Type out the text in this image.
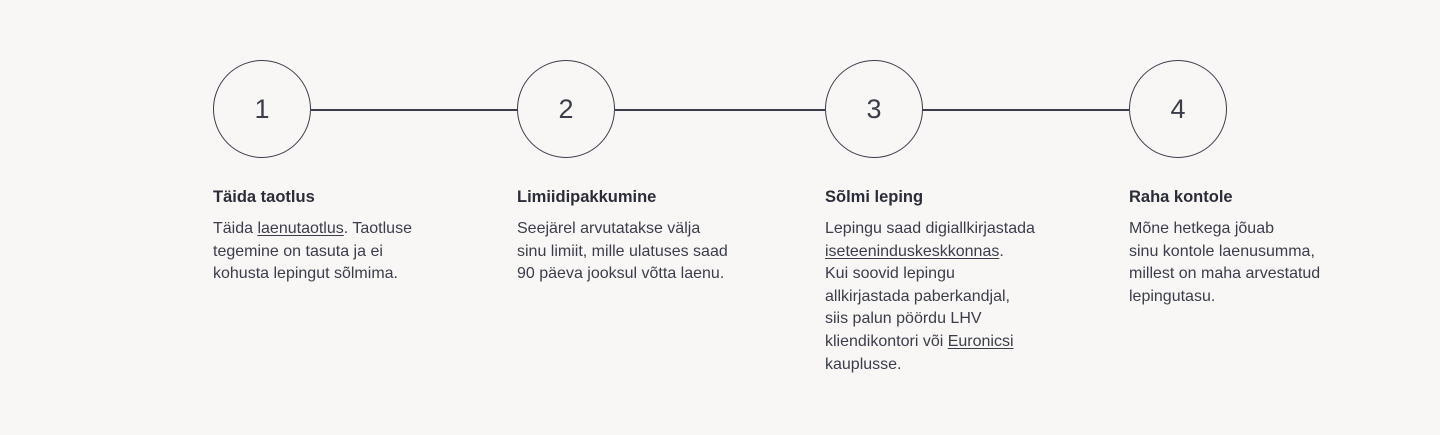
1	2	3	4
Täida taotlus

Täida laenutaotlus. Taotluse
tegemine on tasuta ja ei
kohusta lepingut sõlmima.

Limiidipakkumine

Seejärel arvutatakse välja
sinu limiit, mille ulatuses saad
90 päeva jooksul võtta laenu.

Sõlmi leping

Lepingu saad digiallkirjastada
iseteeninduskeskkonnas.
Kui soovid lepingu
allkirjastada paberkandjal,
siis palun pöördu LHV
kliendikontori või Euronicsi
kauplusse.

Raha kontole

Mõne hetkega jõuab
sinu kontole laenusumma,
millest on maha arvestatud
lepingutasu.
